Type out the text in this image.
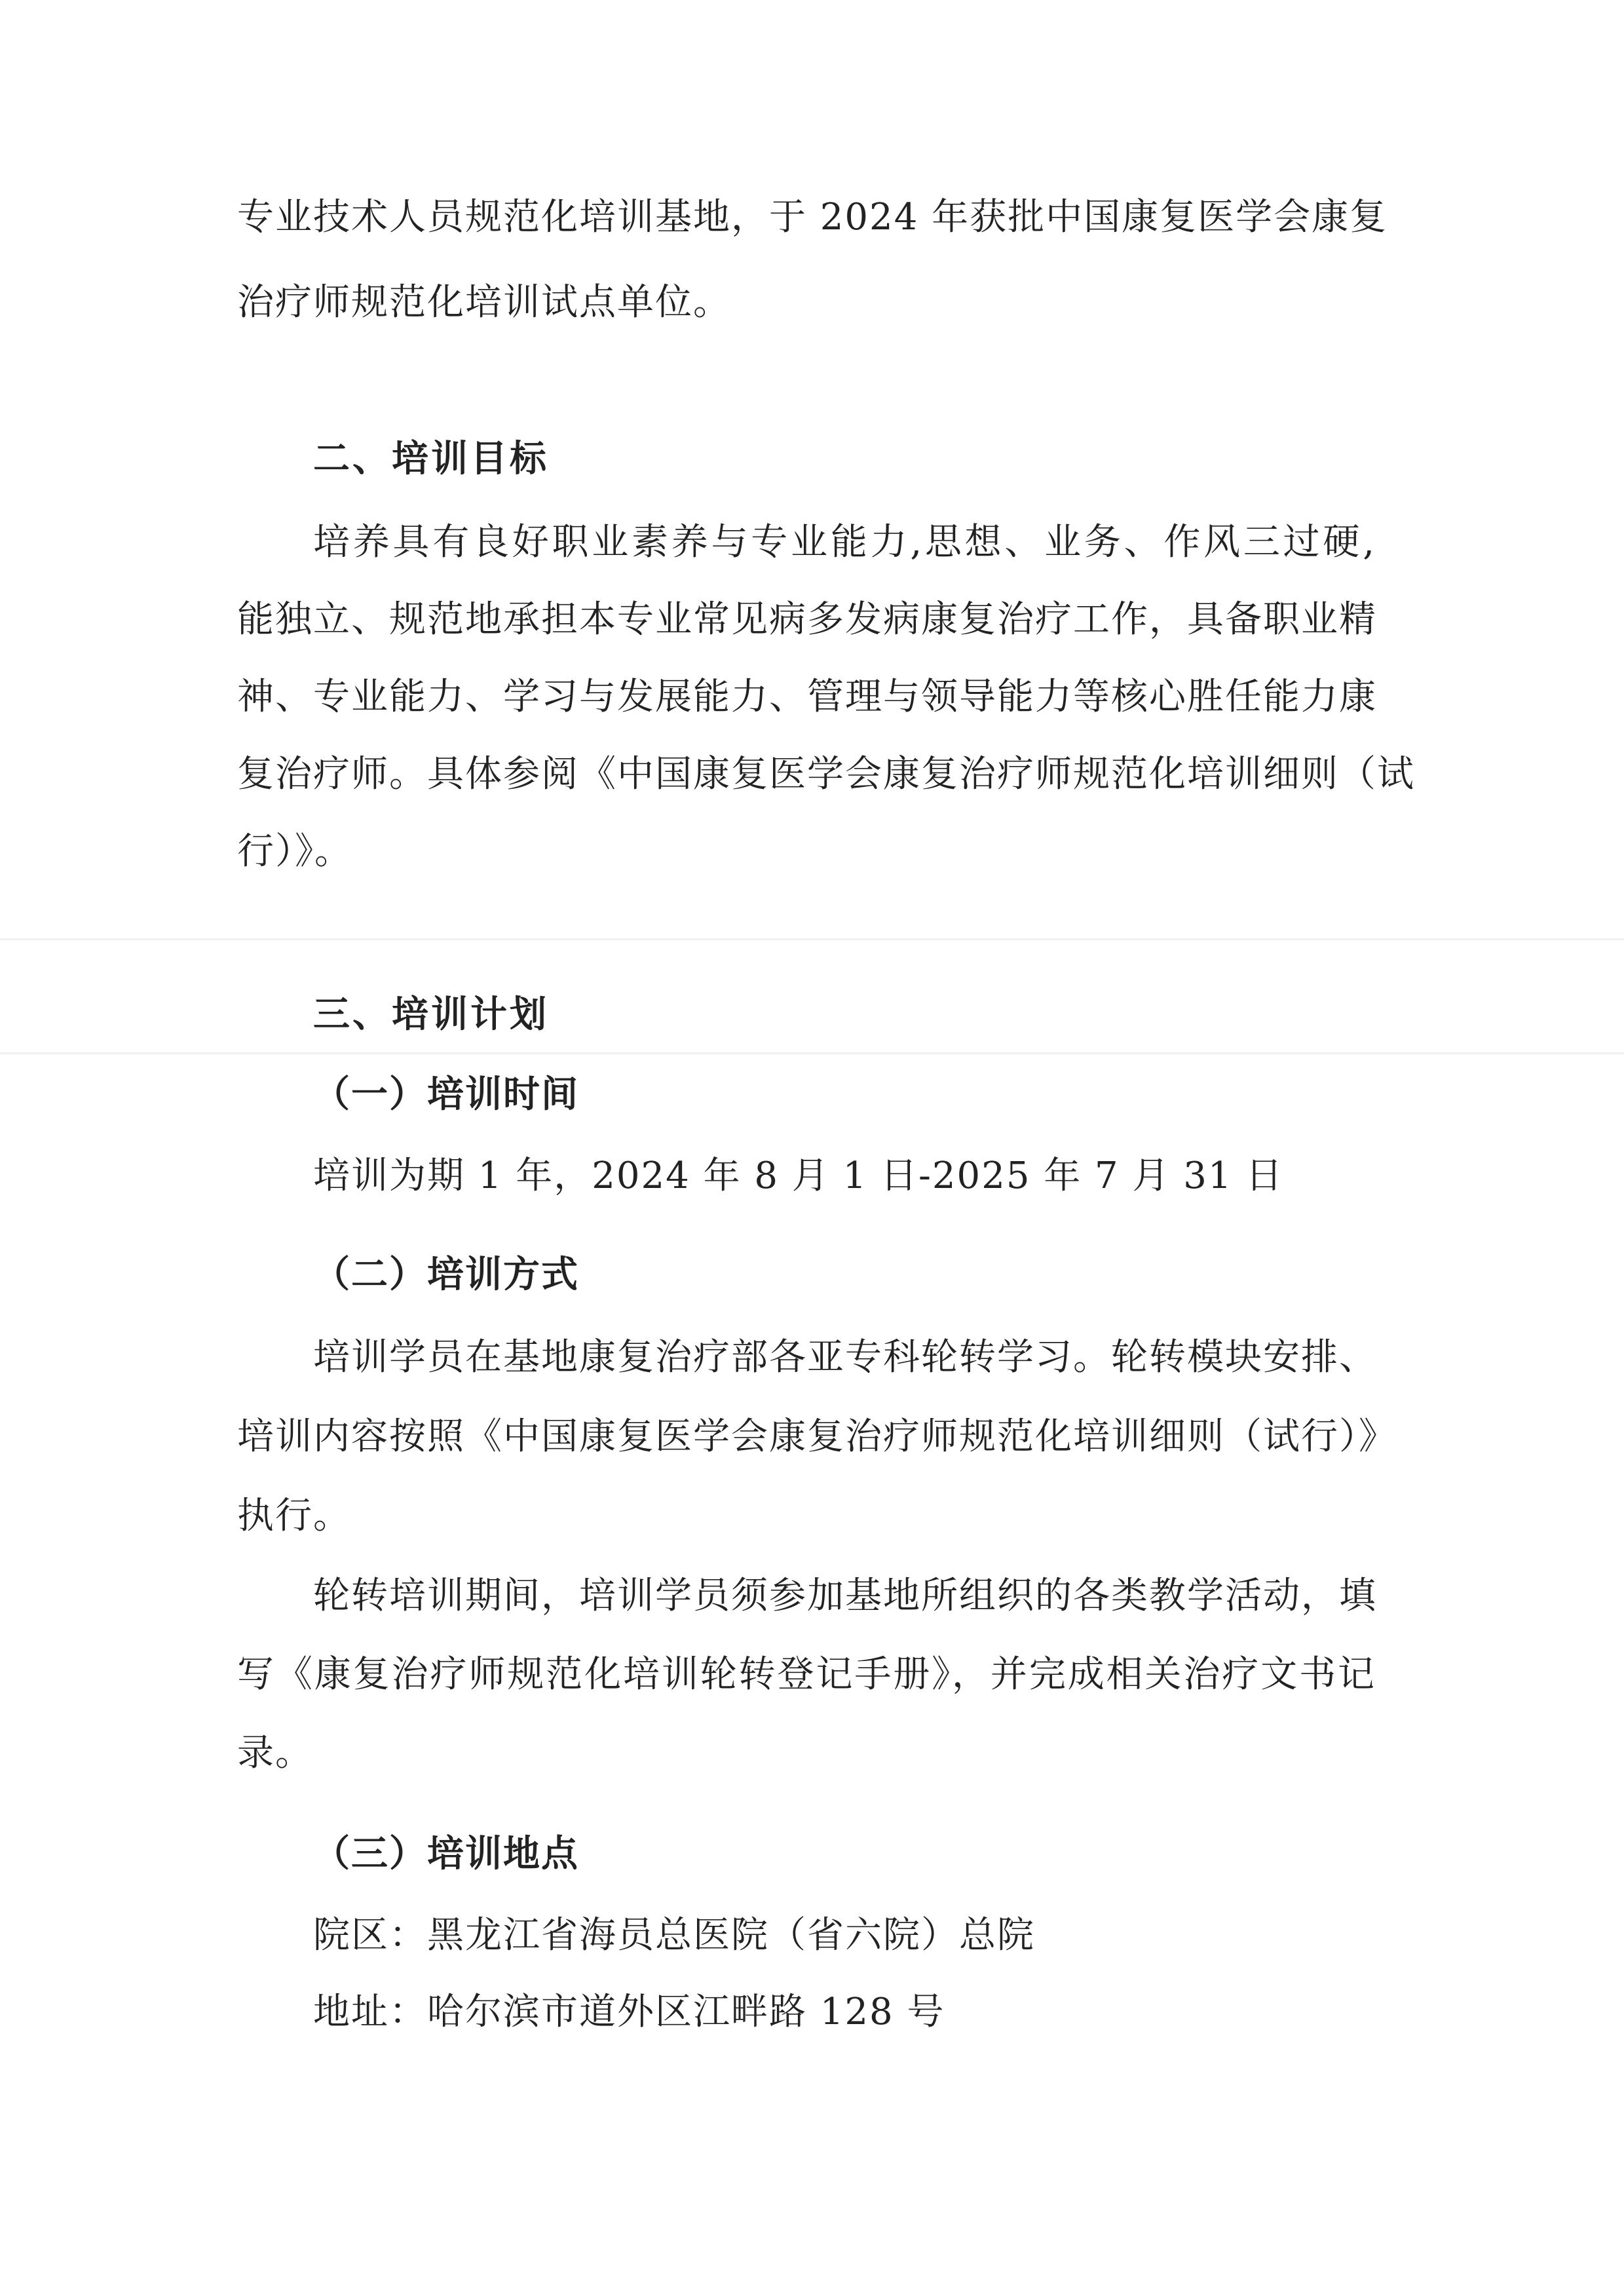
专业技术人员规范化培训基地，于 2024 年获批中国康复医学会康复
治疗师规范化培训试点单位。
二、培训目标
培养具有良好职业素养与专业能力,思想、业务、作风三过硬,
能独立、规范地承担本专业常见病多发病康复治疗工作，具备职业精
神、专业能力、学习与发展能力、管理与领导能力等核心胜任能力康
复治疗师。具体参阅《中国康复医学会康复治疗师规范化培训细则（试
行）》。
三、培训计划
（一）培训时间
培训为期 1 年，2024 年 8 月 1 日-2025 年 7 月 31 日
（二）培训方式
培训学员在基地康复治疗部各亚专科轮转学习。轮转模块安排、
培训内容按照《中国康复医学会康复治疗师规范化培训细则（试行）》
执行。
轮转培训期间，培训学员须参加基地所组织的各类教学活动，填
写《康复治疗师规范化培训轮转登记手册》，并完成相关治疗文书记
录。
（三）培训地点
院区：黑龙江省海员总医院（省六院）总院
地址：哈尔滨市道外区江畔路 128 号
